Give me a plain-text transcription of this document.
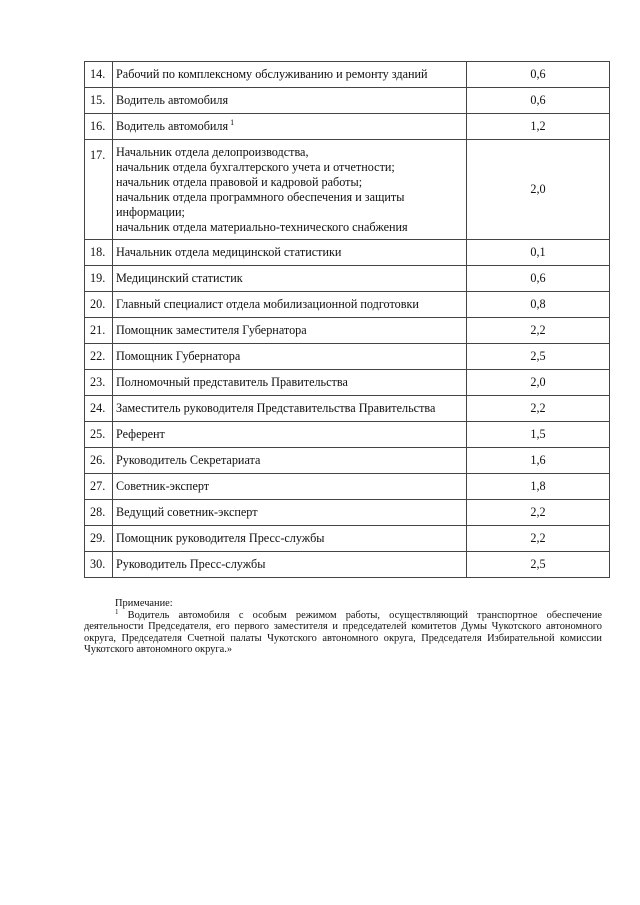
14.	Рабочий по комплексному обслуживанию и ремонту зданий	0,6
15.	Водитель автомобиля	0,6
16.	Водитель автомобиля $^1$	1,2
17.	Начальник отдела делопроизводства,
начальник отдела бухгалтерского учета и отчетности;
начальник отдела правовой и кадровой работы;
начальник отдела программного обеспечения и защиты информации;
начальник отдела материально-технического снабжения	2,0
18.	Начальник отдела медицинской статистики	0,1
19.	Медицинский статистик	0,6
20.	Главный специалист отдела мобилизационной подготовки	0,8
21.	Помощник заместителя Губернатора	2,2
22.	Помощник Губернатора	2,5
23.	Полномочный представитель Правительства	2,0
24.	Заместитель руководителя Представительства Правительства	2,2
25.	Референт	1,5
26.	Руководитель Секретариата	1,6
27.	Советник-эксперт	1,8
28.	Ведущий советник-эксперт	2,2
29.	Помощник руководителя Пресс-службы	2,2
30.	Руководитель Пресс-службы	2,5
Примечание:
$^1$ Водитель автомобиля с особым режимом работы, осуществляющий транспортное обеспечение деятельности Председателя, его первого заместителя и председателей комитетов Думы Чукотского автономного округа, Председателя Счетной палаты Чукотского автономного округа, Председателя Избирательной комиссии Чукотского автономного округа.»
